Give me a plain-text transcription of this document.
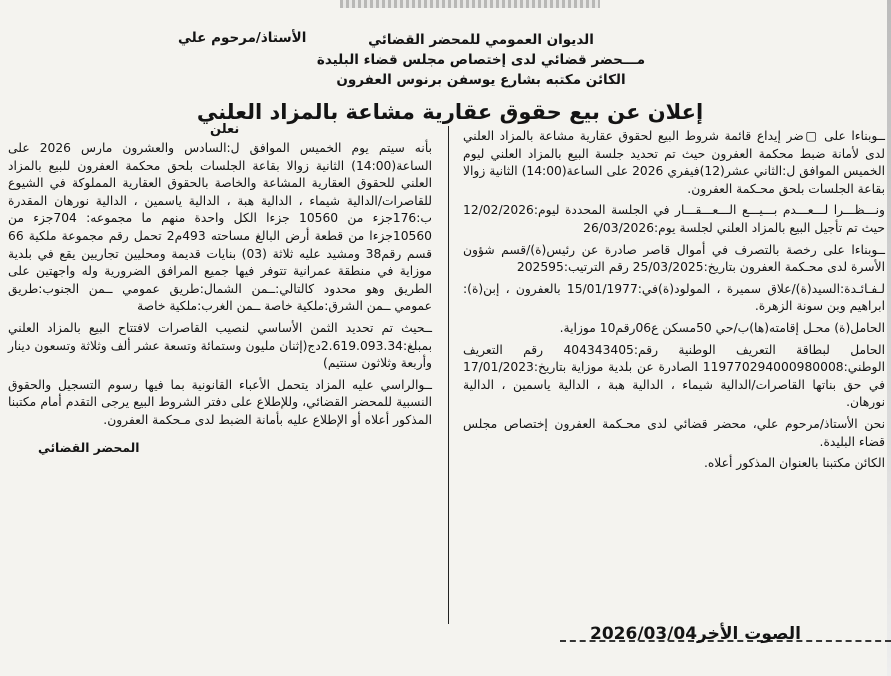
الديوان العمومي للمحضر القضائي
مـــحضر قضائي لدى إختصاص مجلس قضاء البليدة
الكائن مكتبه بشارع يوسفن برنوس العفرون
الأستاذ/مرحوم علي
إعلان عن بيع حقوق عقارية مشاعة بالمزاد العلني

ــوبناءا على ▢ضر إيداع قائمة شروط البيع لحقوق عقارية مشاعة بالمزاد العلني لدى لأمانة ضبط محكمة العفرون حيث تم تحديد جلسة البيع بالمزاد العلني ليوم الخميس الموافق ل:الثاني عشر(12)فيفري 2026 على الساعة(14:00) الثانية زوالا بقاعة الجلسات بلحق محـكمة العفرون.

ونـــظـــرا لـــعـــدم بـــيـــع الـــعـــقـــار في الجلسة المحددة ليوم:12/02/2026 حيث تم تأجيل البيع بالمزاد العلني لجلسة يوم:26/03/2026

ــوبناءا على رخصة بالتصرف في أموال قاصر صادرة عن رئيس(ة)/قسم شؤون الأسرة لدى محـكمة العفرون بتاريخ:25/03/2025 رقم الترتيب:202595

لـفـائـدة:السيد(ة)/علاق سميرة ، المولود(ة)في:15/01/1977 بالعفرون ، إبن(ة): ابراهيم وبن سونة الزهرة.

الحامل(ة) محـل إقامته(ها)ب/حي 50مسكن ع06رقم10 موزاية.

الحامل لبطاقة التعريف الوطنية رقم:404343405 رقم التعريف الوطني:119770294000980008 الصادرة عن بلدية موزاية بتاريخ:17/01/2023 في حق بناتها القاصرات/الدالية شيماء ، الدالية هبة ، الدالية ياسمين ، الدالية نورهان.

نحن الأستاذ/مرحوم علي، محضر قضائي لدى محـكمة العفرون إختصاص مجلس قضاء البليدة.

الكائن مكتبنا بالعنوان المذكور أعلاه.

نعلن

بأنه سيتم يوم الخميس الموافق ل:السادس والعشرون مارس 2026 على الساعة(14:00) الثانية زوالا بقاعة الجلسات بلحق محكمة العفرون للبيع بالمزاد العلني للحقوق العقارية المشاعة والخاصة بالحقوق العقارية المملوكة في الشيوع للقاصرات/الدالية شيماء ، الدالية هبة ، الدالية ياسمين ، الدالية نورهان المقدرة ب:176جزء من 10560 جزءا الكل واحدة منهم ما مجموعه: 704جزء من 10560جزءا من قطعة أرض البالغ مساحته 493م2 تحمل رقم مجموعة ملكية 66 قسم رقم38 ومشيد عليه ثلاثة (03) بنايات قديمة ومحليين تجاريين يقع في بلدية موزاية في منطقة عمرانية تتوفر فيها جميع المرافق الضرورية وله واجهتين على الطريق وهو محدود كالتالي:ــمن الشمال:طريق عمومي ــمن الجنوب:طريق عمومي ــمن الشرق:ملكية خاصة ــمن الغرب:ملكية خاصة

ــحيث تم تحديد الثمن الأساسي لنصيب القاصرات لافتتاح البيع بالمزاد العلني بمبلغ:2.619.093.34دج(إثنان مليون وستمائة وتسعة عشر ألف وثلاثة وتسعون دينار وأربعة وثلاثون سنتيم)

ــوالراسي عليه المزاد يتحمل الأعباء القانونية بما فيها رسوم التسجيل والحقوق النسبية للمحضر القضائي، وللإطلاع على دفتر الشروط البيع يرجى التقدم أمام مكتبنا المذكور أعلاه أو الإطلاع عليه بأمانة الضبط لدى مـحكمة العفرون.

المحضر القضائي
الصوت الأخر2026/03/04
